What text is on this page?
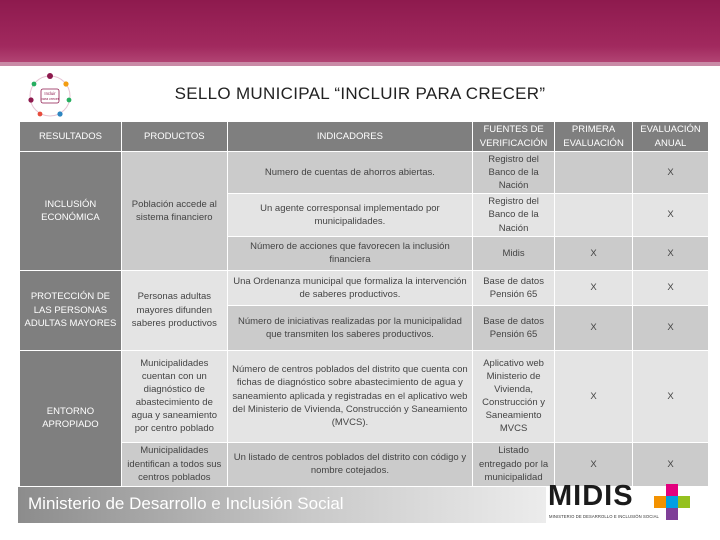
Incluir
para crecer	SELLO MUNICIPAL “INCLUIR PARA CRECER”
RESULTADOS	PRODUCTOS	INDICADORES	FUENTES DE VERIFICACIÓN	PRIMERA EVALUACIÓN	EVALUACIÓN ANUAL
INCLUSIÓN ECONÓMICA	Población accede al sistema financiero	Numero de cuentas de ahorros abiertas.	Registro del Banco de la Nación		X
		Un agente corresponsal implementado por municipalidades.	Registro del Banco de la Nación		X
		Número de acciones que favorecen la inclusión financiera	Midis	X	X
PROTECCIÓN DE LAS PERSONAS ADULTAS MAYORES	Personas adultas mayores difunden saberes productivos	Una Ordenanza municipal que formaliza la intervención de saberes productivos.	Base de datos Pensión 65	X	X
		Número de iniciativas realizadas por la municipalidad que transmiten los saberes productivos.	Base de datos Pensión 65	X	X
ENTORNO APROPIADO	Municipalidades cuentan con un diagnóstico de abastecimiento de agua y saneamiento por centro poblado	Número de centros poblados del distrito que cuenta con fichas de diagnóstico sobre abastecimiento de agua y saneamiento aplicada y registradas en el aplicativo web del Ministerio de Vivienda, Construcción y Saneamiento (MVCS).	Aplicativo web Ministerio de Vivienda, Construcción y Saneamiento MVCS	X	X
	Municipalidades identifican a todos sus centros poblados	Un listado de centros poblados del distrito con código y nombre cotejados.	Listado entregado por la municipalidad	X	X
Ministerio de Desarrollo e Inclusión Social	MIDIS
MINISTERIO DE DESARROLLO E INCLUSIÓN SOCIAL
